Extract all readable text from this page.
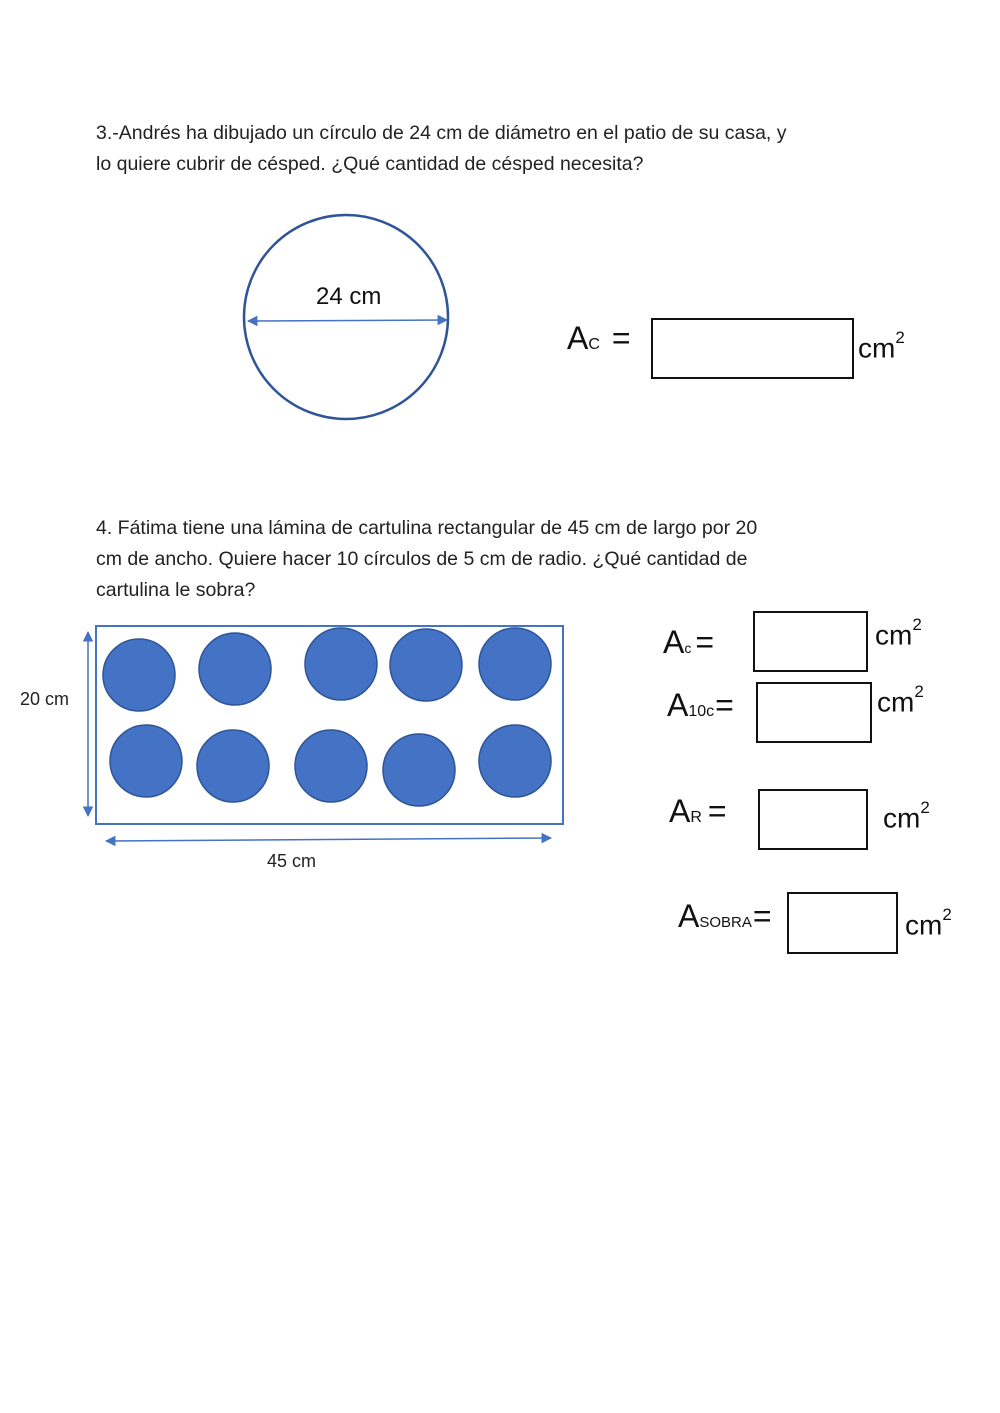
3.-Andrés ha dibujado un círculo de 24 cm de diámetro en el patio de su casa, y
lo quiere cubrir de césped. ¿Qué cantidad de césped necesita?

24 cm
A C =	$cm^2$

4. Fátima tiene una lámina de cartulina rectangular de 45 cm de largo por 20
cm de ancho. Quiere hacer 10 círculos de 5 cm de radio. ¿Qué cantidad de
cartulina le sobra?

20 cm
45 cm
A c =	$cm^2$
A 10c =	$cm^2$
A R =	$cm^2$
A SOBRA =	$cm^2$
